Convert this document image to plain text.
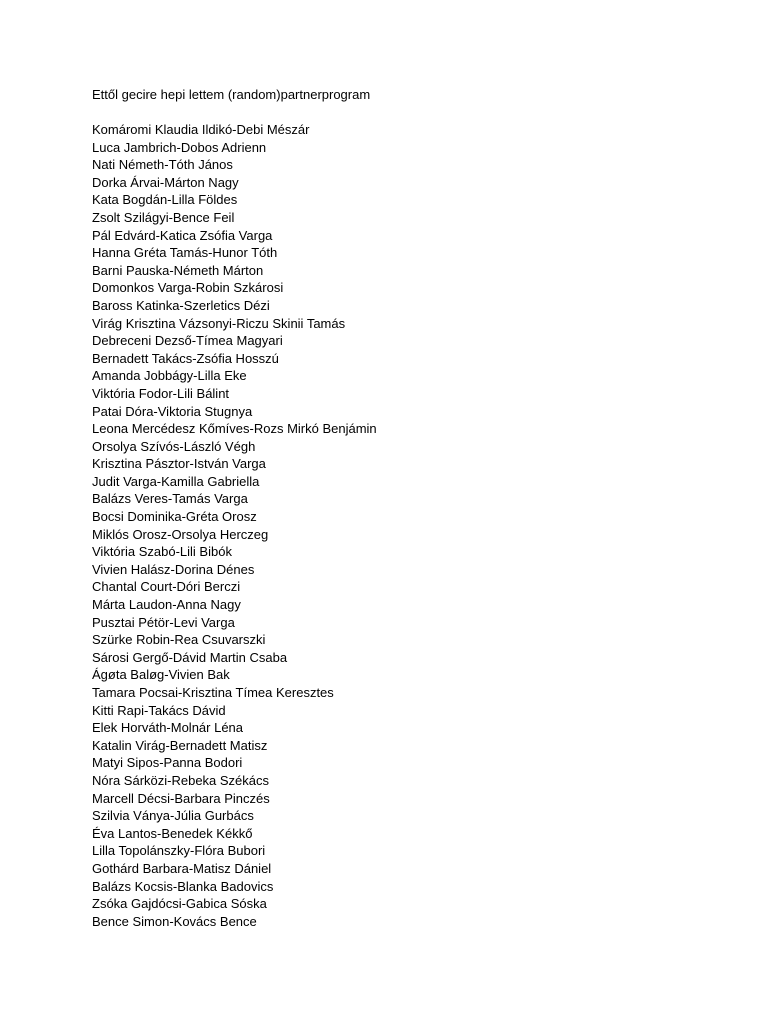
Ettől gecire hepi lettem (random)partnerprogram
Komáromi Klaudia Ildikó-Debi Mészár
Luca Jambrich-Dobos Adrienn
Nati Németh-Tóth János
Dorka Árvai-Márton Nagy
Kata Bogdán-Lilla Földes
Zsolt Szilágyi-Bence Feil
Pál Edvárd-Katica Zsófia Varga
Hanna Gréta Tamás-Hunor Tóth
Barni Pauska-Németh Márton
Domonkos Varga-Robin Szkárosi
Baross Katinka-Szerletics Dézi
Virág Krisztina Vázsonyi-Riczu Skinii Tamás
Debreceni Dezső-Tímea Magyari
Bernadett Takács-Zsófia Hosszú
Amanda Jobbágy-Lilla Eke
Viktória Fodor-Lili Bálint
Patai Dóra-Viktoria Stugnya
Leona Mercédesz Kőmíves-Rozs Mirkó Benjámin
Orsolya Szívós-László Végh
Krisztina Pásztor-István Varga
Judit Varga-Kamilla Gabriella
Balázs Veres-Tamás Varga
Bocsi Dominika-Gréta Orosz
Miklós Orosz-Orsolya Herczeg
Viktória Szabó-Lili Bibók
Vivien Halász-Dorina Dénes
Chantal Court-Dóri Berczi
Márta Laudon-Anna Nagy
Pusztai Pétör-Levi Varga
Szürke Robin-Rea Csuvarszki
Sárosi Gergő-Dávid Martin Csaba
Ágøta Baløg-Vivien Bak
Tamara Pocsai-Krisztina Tímea Keresztes
Kitti Rapi-Takács Dávid
Elek Horváth-Molnár Léna
Katalin Virág-Bernadett Matisz
Matyi Sipos-Panna Bodori
Nóra Sárközi-Rebeka Székács
Marcell Décsi-Barbara Pinczés
Szilvia Ványa-Júlia Gurbács
Éva Lantos-Benedek Kékkő
Lilla Topolánszky-Flóra Bubori
Gothárd Barbara-Matisz Dániel
Balázs Kocsis-Blanka Badovics
Zsóka Gajdócsi-Gabica Sóska
Bence Simon-Kovács Bence
